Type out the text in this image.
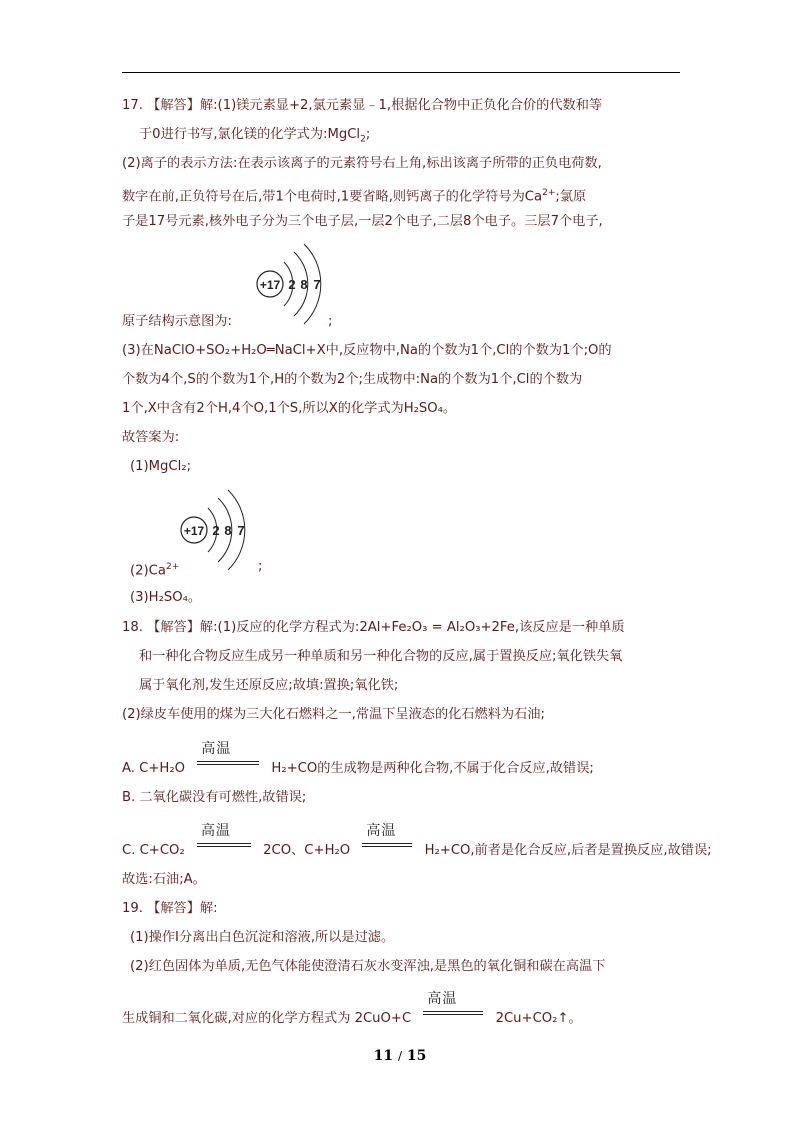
17. 【解答】解:(1)镁元素显+2,氯元素显﹣1,根据化合物中正负化合价的代数和等
于0进行书写,氯化镁的化学式为:MgCl$_2$;
(2)离子的表示方法:在表示该离子的元素符号右上角,标出该离子所带的正负电荷数,
数字在前,正负符号在后,带1个电荷时,1要省略,则钙离子的化学符号为$Ca^{2+}$;氯原
子是17号元素,核外电子分为三个电子层,一层2个电子,二层8个电子。三层7个电子,
+17 2 8 7
原子结构示意图为:	;
(3)在NaClO+SO₂+H₂O═NaCl+X中,反应物中,Na的个数为1个,Cl的个数为1个;O的
个数为4个,S的个数为1个,H的个数为2个;生成物中:Na的个数为1个,Cl的个数为
1个,X中含有2个H,4个O,1个S,所以X的化学式为H₂SO₄。
故答案为:
(1)MgCl₂;
+17 2 8 7
$(2)Ca^{2+}$	;
(3)H₂SO₄。
18. 【解答】解:(1)反应的化学方程式为:2Al+Fe₂O₃ = Al₂O₃+2Fe,该反应是一种单质
和一种化合物反应生成另一种单质和另一种化合物的反应,属于置换反应;氧化铁失氧
属于氧化剂,发生还原反应;故填:置换;氧化铁;
(2)绿皮车使用的煤为三大化石燃料之一,常温下呈液态的化石燃料为石油;
A. C+H₂O
高温
H₂+CO的生成物是两种化合物,不属于化合反应,故错误;
B. 二氧化碳没有可燃性,故错误;
C. C+CO₂
高温
2CO、C+H₂O
高温
H₂+CO,前者是化合反应,后者是置换反应,故错误;
故选:石油;A。
19. 【解答】解:
(1)操作Ⅰ分离出白色沉淀和溶液,所以是过滤。
(2)红色固体为单质,无色气体能使澄清石灰水变浑浊,是黑色的氧化铜和碳在高温下
生成铜和二氧化碳,对应的化学方程式为 2CuO+C
高温
2Cu+CO₂↑。
11 / 15
